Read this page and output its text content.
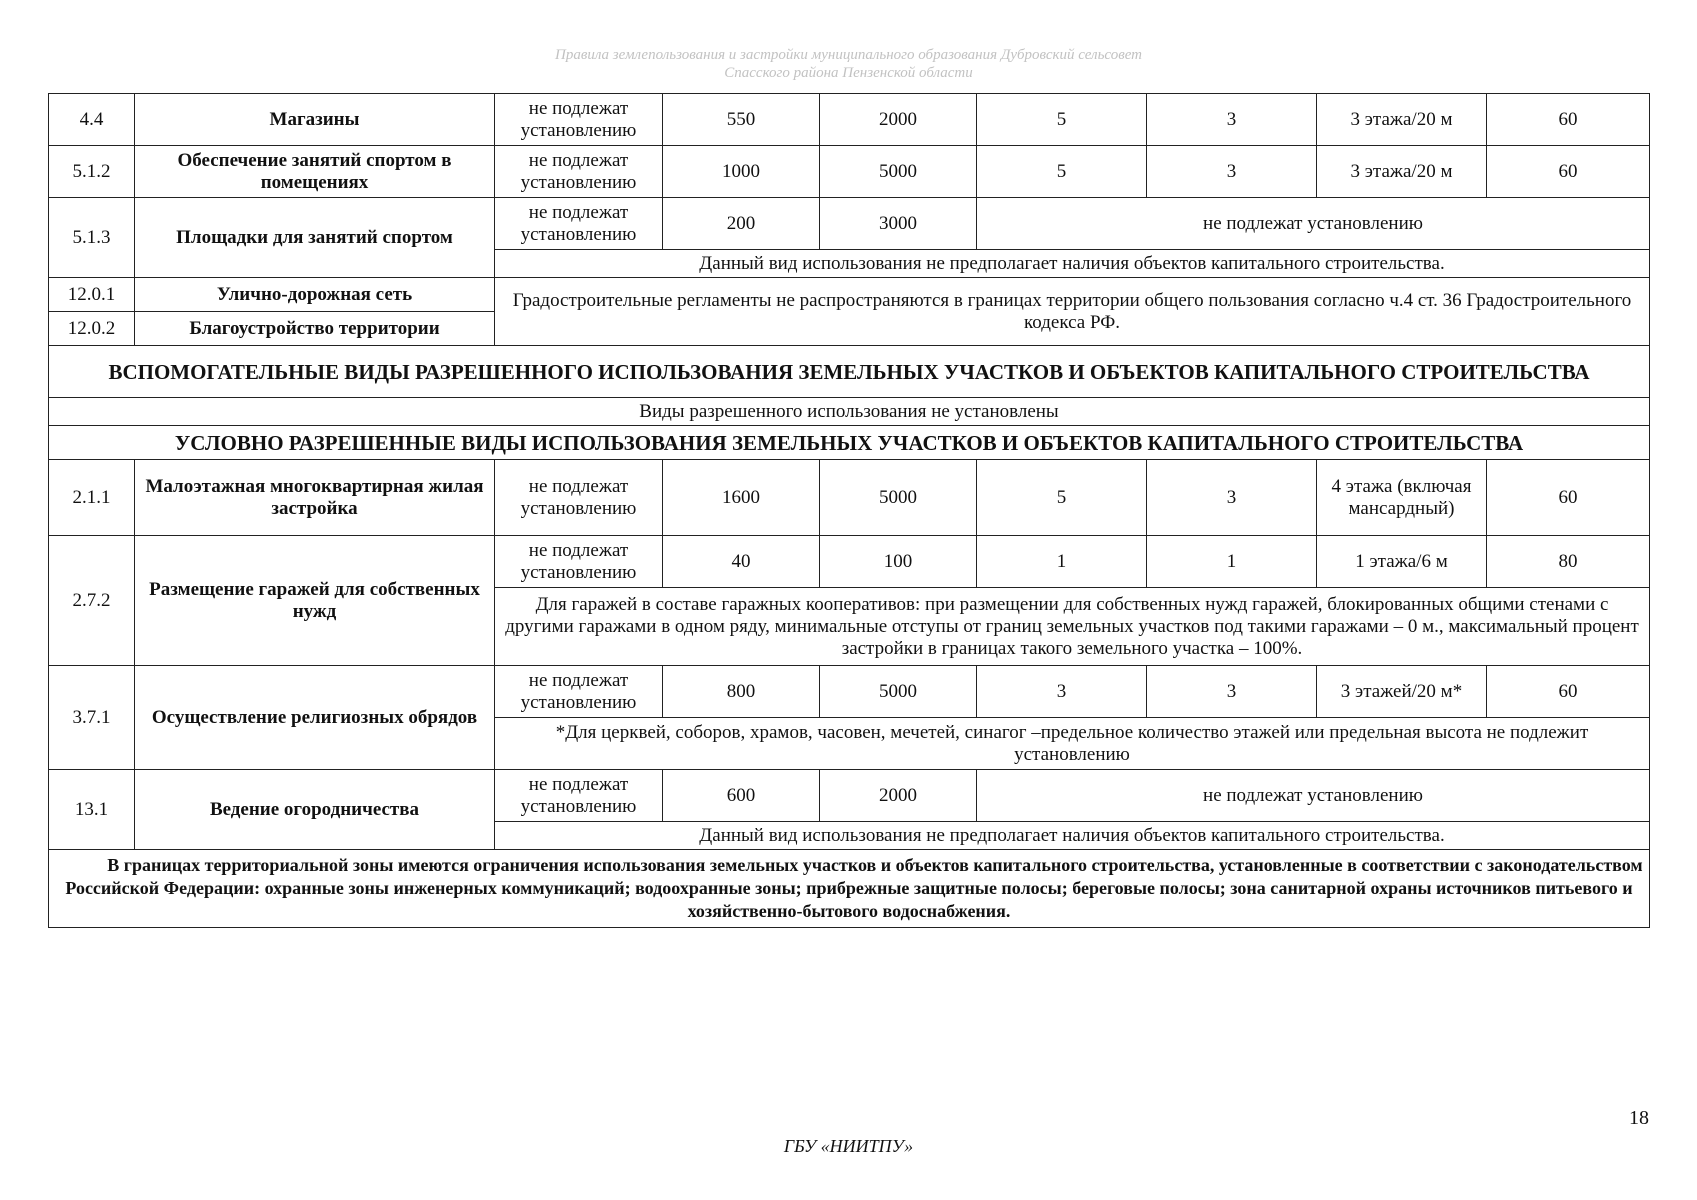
Правила землепользования и застройки муниципального образования Дубровский сельсовет
Спасского района Пензенской области
4.4	Магазины	не подлежат установлению	550	2000	5	3	3 этажа/20 м	60
5.1.2	Обеспечение занятий спортом в помещениях	не подлежат установлению	1000	5000	5	3	3 этажа/20 м	60
5.1.3	Площадки для занятий спортом	не подлежат установлению	200	3000	не подлежат установлению			
		Данный вид использования не предполагает наличия объектов капитального строительства.						
12.0.1	Улично-дорожная сеть	Градостроительные регламенты не распространяются в границах территории общего пользования согласно ч.4 ст. 36 Градостроительного кодекса РФ.						
12.0.2	Благоустройство территории							
ВСПОМОГАТЕЛЬНЫЕ ВИДЫ РАЗРЕШЕННОГО ИСПОЛЬЗОВАНИЯ ЗЕМЕЛЬНЫХ УЧАСТКОВ И ОБЪЕКТОВ КАПИТАЛЬНОГО СТРОИТЕЛЬСТВА								
Виды разрешенного использования не установлены								
УСЛОВНО РАЗРЕШЕННЫЕ ВИДЫ ИСПОЛЬЗОВАНИЯ ЗЕМЕЛЬНЫХ УЧАСТКОВ И ОБЪЕКТОВ КАПИТАЛЬНОГО СТРОИТЕЛЬСТВА								
2.1.1	Малоэтажная многоквартирная жилая застройка	не подлежат установлению	1600	5000	5	3	4 этажа (включая мансардный)	60
2.7.2	Размещение гаражей для собственных нужд	не подлежат установлению	40	100	1	1	1 этажа/6 м	80
		Для гаражей в составе гаражных кооперативов: при размещении для собственных нужд гаражей, блокированных общими стенами с другими гаражами в одном ряду, минимальные отступы от границ земельных участков под такими гаражами – 0 м., максимальный процент застройки в границах такого земельного участка – 100%.						
3.7.1	Осуществление религиозных обрядов	не подлежат установлению	800	5000	3	3	3 этажей/20 м*	60
		*Для церквей, соборов, храмов, часовен, мечетей, синагог –предельное количество этажей или предельная высота не подлежит установлению						
13.1	Ведение огородничества	не подлежат установлению	600	2000	не подлежат установлению			
		Данный вид использования не предполагает наличия объектов капитального строительства.						
В границах территориальной зоны имеются ограничения использования земельных участков и объектов капитального строительства, установленные в соответствии с законодательством Российской Федерации: охранные зоны инженерных коммуникаций; водоохранные зоны; прибрежные защитные полосы; береговые полосы; зона санитарной охраны источников питьевого и хозяйственно-бытового водоснабжения.								
18
ГБУ «НИИТПУ»
